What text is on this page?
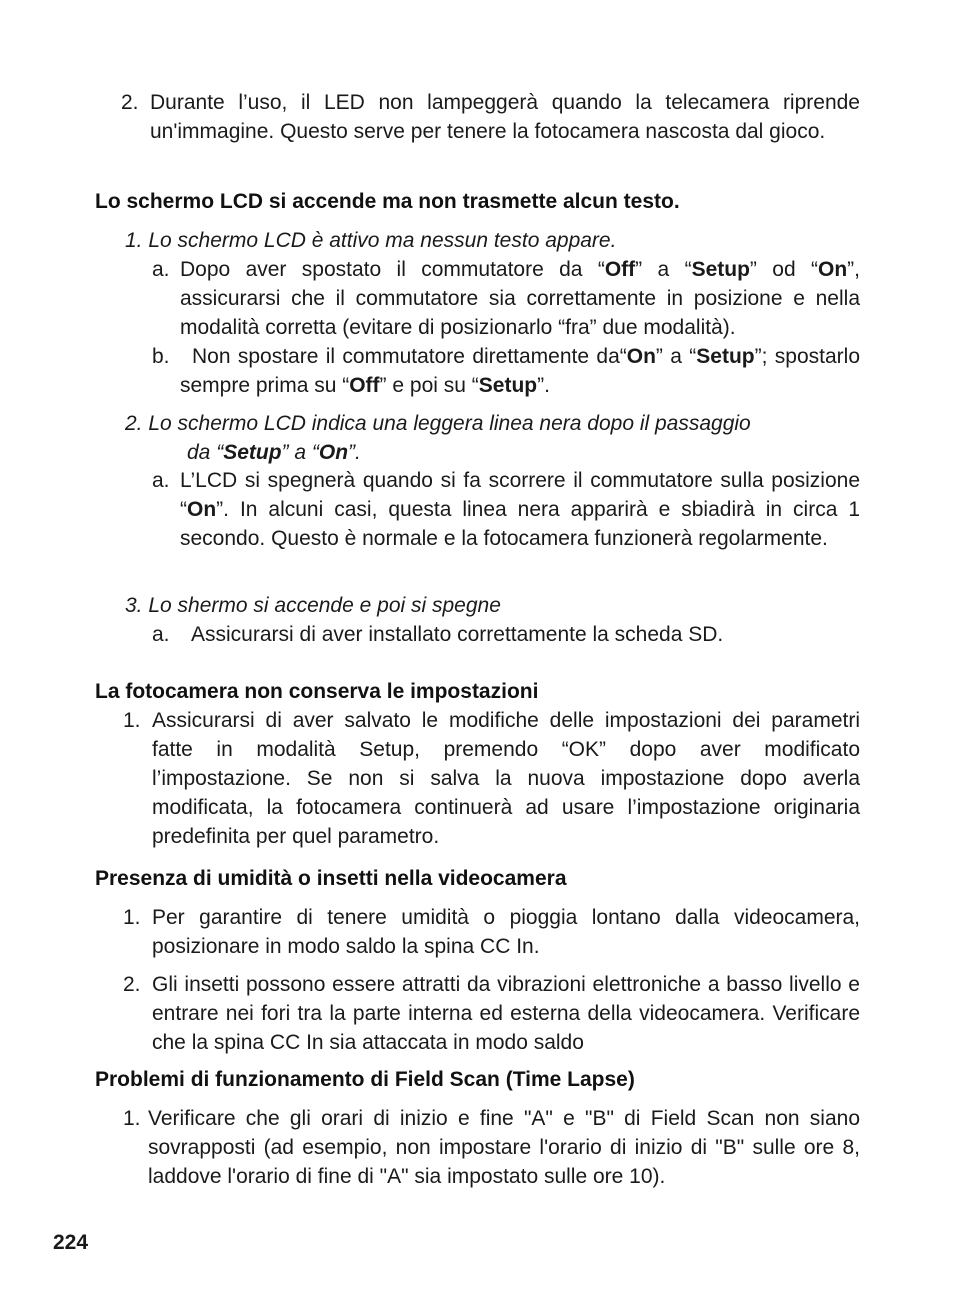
2. Durante l’uso, il LED non lampeggerà quando la telecamera riprende un'immagine. Questo serve per tenere la fotocamera nascosta dal gioco.
Lo schermo LCD si accende ma non trasmette alcun testo.
1. Lo schermo LCD è attivo ma nessun testo appare.
a. Dopo aver spostato il commutatore da “Off” a “Setup” od “On”, assicurarsi che il commutatore sia correttamente in posizione e nella modalità corretta (evitare di posizionarlo “fra” due modalità).
b.	Non spostare il commutatore direttamente da“On” a “Setup”; spostarlo sempre prima su “Off” e poi su “Setup”.
2. Lo schermo LCD indica una leggera linea nera dopo il passaggio
da “Setup” a “On”.
a. L’LCD si spegnerà quando si fa scorrere il commutatore sulla posizione “On”. In alcuni casi, questa linea nera apparirà e sbiadirà in circa 1 secondo. Questo è normale e la fotocamera funzionerà regolarmente.
3. Lo shermo si accende e poi si spegne
a. Assicurarsi di aver installato correttamente la scheda SD.
La fotocamera non conserva le impostazioni
1. Assicurarsi di aver salvato le modifiche delle impostazioni dei parametri fatte in modalità Setup, premendo “OK” dopo aver modificato l’impostazione. Se non si salva la nuova impostazione dopo averla modificata, la fotocamera continuerà ad usare l’impostazione originaria predefinita per quel parametro.
Presenza di umidità o insetti nella videocamera
1. Per garantire di tenere umidità o pioggia lontano dalla videocamera, posizionare in modo saldo la spina CC In.
2. Gli insetti possono essere attratti da vibrazioni elettroniche a basso livello e entrare nei fori tra la parte interna ed esterna della videocamera. Verificare che la spina CC In sia attaccata in modo saldo
Problemi di funzionamento di Field Scan (Time Lapse)
1. Verificare che gli orari di inizio e fine "A" e "B" di Field Scan non siano sovrapposti (ad esempio, non impostare l'orario di inizio di "B" sulle ore 8, laddove l'orario di fine di "A" sia impostato sulle ore 10).
224
